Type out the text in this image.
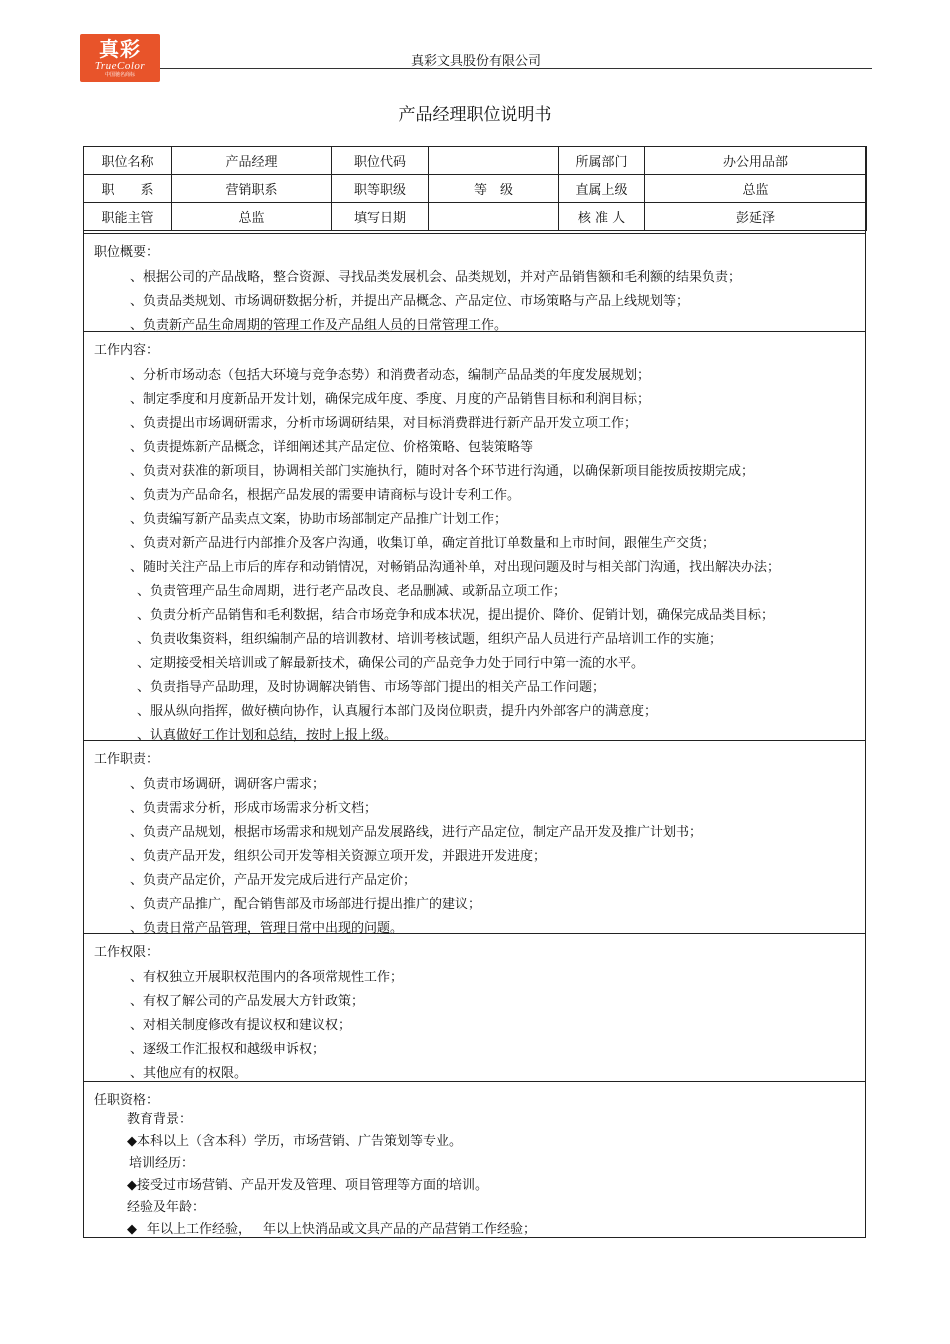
真彩
TrueColor
中国驰名商标
真彩文具股份有限公司
产品经理职位说明书
职位名称	产品经理	职位代码		所属部门	办公用品部
职　　系	营销职系	职等职级	等　级	直属上级	总监
职能主管	总监	填写日期		核 准 人	彭延泽
职位概要：
、根据公司的产品战略，整合资源、寻找品类发展机会、品类规划，并对产品销售额和毛利额的结果负责；
、负责品类规划、市场调研数据分析，并提出产品概念、产品定位、市场策略与产品上线规划等；
、负责新产品生命周期的管理工作及产品组人员的日常管理工作。
工作内容：
、分析市场动态（包括大环境与竞争态势）和消费者动态，编制产品品类的年度发展规划；
、制定季度和月度新品开发计划，确保完成年度、季度、月度的产品销售目标和利润目标；
、负责提出市场调研需求，分析市场调研结果，对目标消费群进行新产品开发立项工作；
、负责提炼新产品概念，详细阐述其产品定位、价格策略、包装策略等
、负责对获准的新项目，协调相关部门实施执行，随时对各个环节进行沟通，以确保新项目能按质按期完成；
、负责为产品命名，根据产品发展的需要申请商标与设计专利工作。
、负责编写新产品卖点文案，协助市场部制定产品推广计划工作；
、负责对新产品进行内部推介及客户沟通，收集订单，确定首批订单数量和上市时间，跟催生产交货；
、随时关注产品上市后的库存和动销情况，对畅销品沟通补单，对出现问题及时与相关部门沟通，找出解决办法；
、负责管理产品生命周期，进行老产品改良、老品删减、或新品立项工作；
、负责分析产品销售和毛利数据，结合市场竞争和成本状况，提出提价、降价、促销计划，确保完成品类目标；
、负责收集资料，组织编制产品的培训教材、培训考核试题，组织产品人员进行产品培训工作的实施；
、定期接受相关培训或了解最新技术，确保公司的产品竞争力处于同行中第一流的水平。
、负责指导产品助理，及时协调解决销售、市场等部门提出的相关产品工作问题；
、服从纵向指挥，做好横向协作，认真履行本部门及岗位职责，提升内外部客户的满意度；
、认真做好工作计划和总结，按时上报上级。
工作职责：
、负责市场调研，调研客户需求；
、负责需求分析，形成市场需求分析文档；
、负责产品规划，根据市场需求和规划产品发展路线，进行产品定位，制定产品开发及推广计划书；
、负责产品开发，组织公司开发等相关资源立项开发，并跟进开发进度；
、负责产品定价，产品开发完成后进行产品定价；
、负责产品推广，配合销售部及市场部进行提出推广的建议；
、负责日常产品管理，管理日常中出现的问题。
工作权限：
、有权独立开展职权范围内的各项常规性工作；
、有权了解公司的产品发展大方针政策；
、对相关制度修改有提议权和建议权；
、逐级工作汇报权和越级申诉权；
、其他应有的权限。
任职资格：
教育背景：
◆本科以上（含本科）学历，市场营销、广告策划等专业。
培训经历：
◆接受过市场营销、产品开发及管理、项目管理等方面的培训。
经验及年龄：
◆ 年以上工作经验， 年以上快消品或文具产品的产品营销工作经验；
